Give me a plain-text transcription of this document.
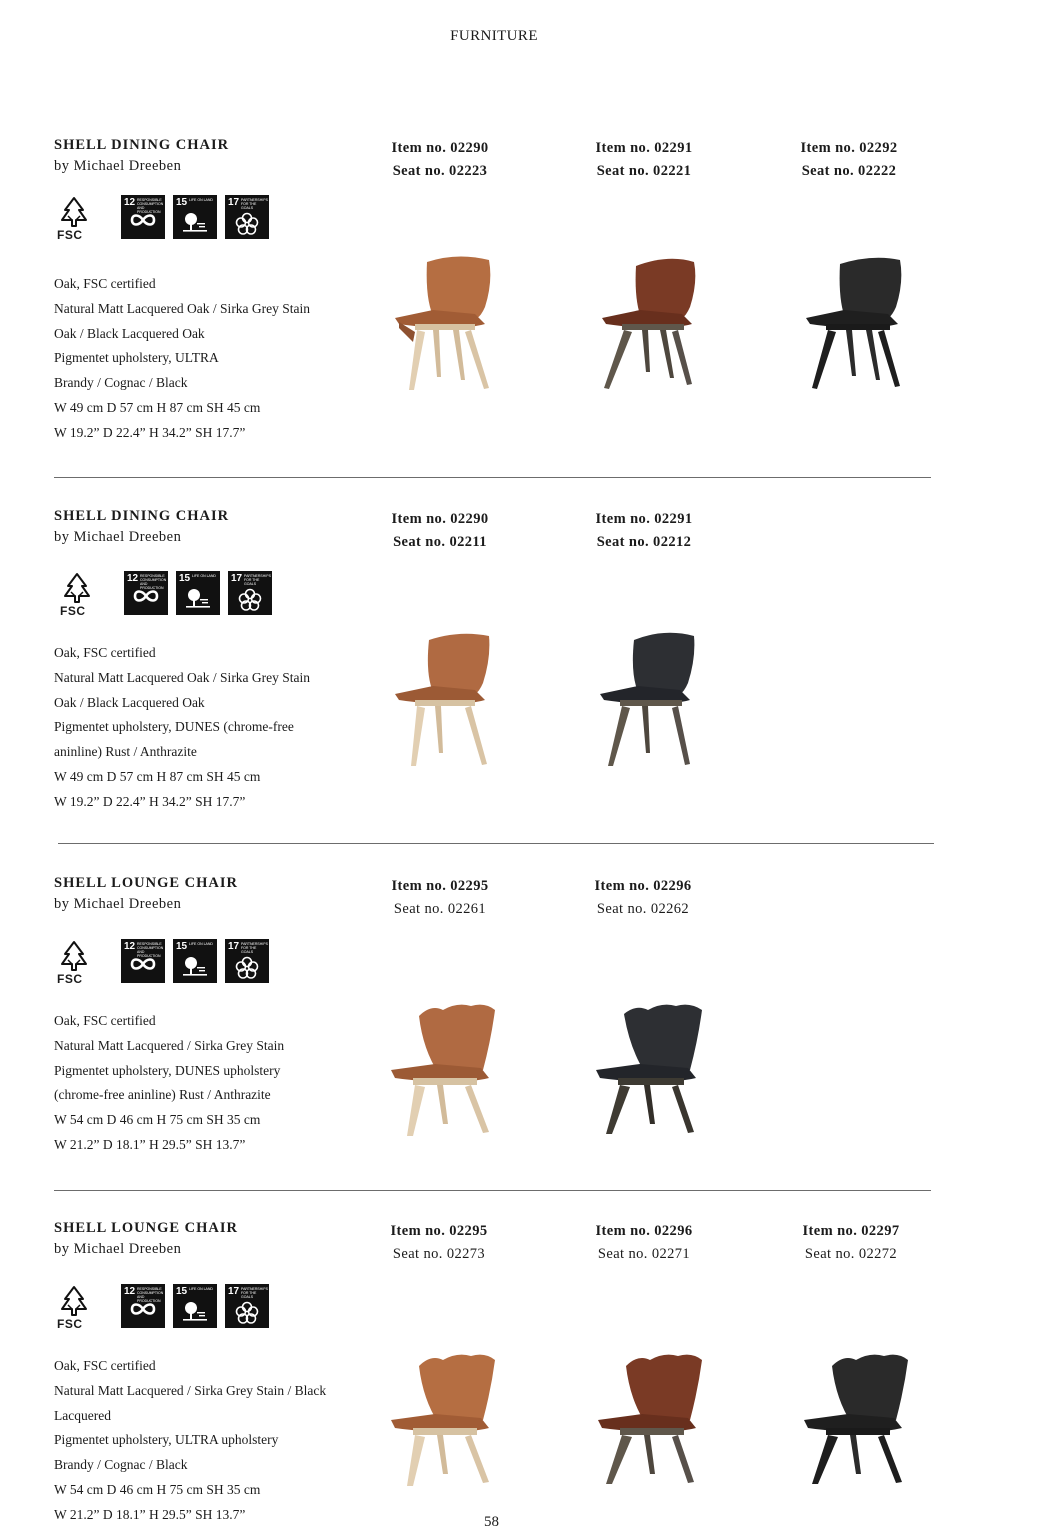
FURNITURE
SHELL DINING CHAIR
by Michael Dreeben
Item no. 02290
Seat no. 02223
Item no. 02291
Seat no. 02221
Item no. 02292
Seat no. 02222
FSC
12 RESPONSIBLE CONSUMPTION AND PRODUCTION
15 LIFE ON LAND 17 PARTNERSHIPS FOR THE GOALS
Oak, FSC certified
Natural Matt Lacquered Oak / Sirka Grey Stain
Oak / Black Lacquered Oak
Pigmentet upholstery, ULTRA
Brandy / Cognac / Black
W 49 cm D 57 cm H 87 cm SH 45 cm
W 19.2” D 22.4” H 34.2” SH 17.7”
SHELL DINING CHAIR
by Michael Dreeben
Item no. 02290
Seat no. 02211
Item no. 02291
Seat no. 02212
FSC
12 RESPONSIBLE CONSUMPTION AND PRODUCTION
15 LIFE ON LAND 17 PARTNERSHIPS FOR THE GOALS
Oak, FSC certified
Natural Matt Lacquered Oak / Sirka Grey Stain
Oak / Black Lacquered Oak
Pigmentet upholstery, DUNES (chrome-free
aninline) Rust / Anthrazite
W 49 cm D 57 cm H 87 cm SH 45 cm
W 19.2” D 22.4” H 34.2” SH 17.7”
SHELL LOUNGE CHAIR
by Michael Dreeben
Item no. 02295
Seat no. 02261
Item no. 02296
Seat no. 02262
FSC
12 RESPONSIBLE CONSUMPTION AND PRODUCTION
15 LIFE ON LAND 17 PARTNERSHIPS FOR THE GOALS
Oak, FSC certified
Natural Matt Lacquered / Sirka Grey Stain
Pigmentet upholstery, DUNES upholstery
(chrome-free aninline) Rust / Anthrazite
W 54 cm D 46 cm H 75 cm SH 35 cm
W 21.2” D 18.1” H 29.5” SH 13.7”
SHELL LOUNGE CHAIR
by Michael Dreeben
Item no. 02295
Seat no. 02273
Item no. 02296
Seat no. 02271
Item no. 02297
Seat no. 02272
FSC
12 RESPONSIBLE CONSUMPTION AND PRODUCTION
15 LIFE ON LAND 17 PARTNERSHIPS FOR THE GOALS
Oak, FSC certified
Natural Matt Lacquered / Sirka Grey Stain / Black
Lacquered
Pigmentet upholstery, ULTRA upholstery
Brandy / Cognac / Black
W 54 cm D 46 cm H 75 cm SH 35 cm
W 21.2” D 18.1” H 29.5” SH 13.7”	58
